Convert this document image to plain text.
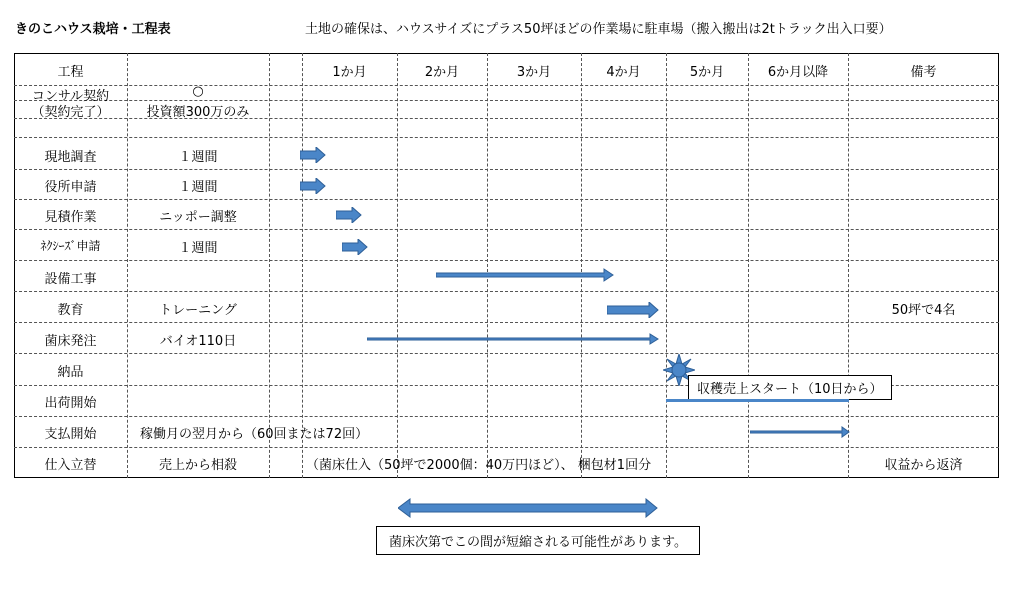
きのこハウス栽培・工程表	土地の確保は、ハウスサイズにプラス50坪ほどの作業場に駐車場（搬入搬出は2tトラック出入口要）
工程	1か月	2か月	3か月	4か月	5か月	6か月以降	備考
コンサル契約	○
（契約完了）	投資額300万のみ
現地調査	１週間
役所申請	１週間
見積作業	ニッポー調整
ﾈｸｼｰｽﾞ申請	１週間
設備工事
教育	トレーニング	50坪で4名
菌床発注	バイオ110日
納品
出荷開始
支払開始	稼働月の翌月から（60回または72回）
仕入立替	売上から相殺	（菌床仕入（50坪で2000個：40万円ほど）、 梱包材1回分	収益から返済
収穫売上スタート（10日から）
菌床次第でこの間が短縮される可能性があります。
